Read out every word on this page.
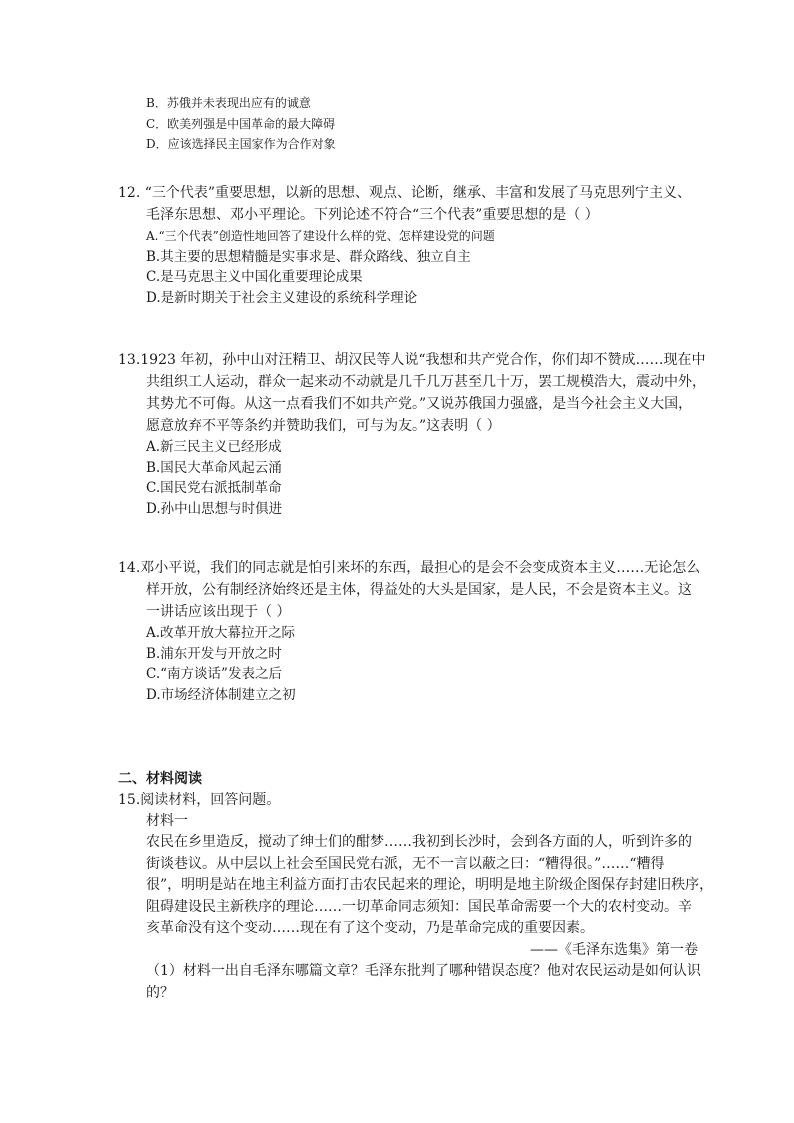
B．苏俄并未表现出应有的诚意
C．欧美列强是中国革命的最大障碍
D．应该选择民主国家作为合作对象
12. “三个代表”重要思想，以新的思想、观点、论断，继承、丰富和发展了马克思列宁主义、
毛泽东思想、邓小平理论。下列论述不符合“三个代表”重要思想的是（ ）
A.“三个代表”创造性地回答了建设什么样的党、怎样建设党的问题
B.其主要的思想精髓是实事求是、群众路线、独立自主
C.是马克思主义中国化重要理论成果
D.是新时期关于社会主义建设的系统科学理论
13.1923 年初，孙中山对汪精卫、胡汉民等人说“我想和共产党合作，你们却不赞成……现在中
共组织工人运动，群众一起来动不动就是几千几万甚至几十万，罢工规模浩大，震动中外，
其势尤不可侮。从这一点看我们不如共产党。”又说苏俄国力强盛，是当今社会主义大国，
愿意放弃不平等条约并赞助我们，可与为友。”这表明（ ）
A.新三民主义已经形成
B.国民大革命风起云涌
C.国民党右派抵制革命
D.孙中山思想与时俱进
14.邓小平说，我们的同志就是怕引来坏的东西，最担心的是会不会变成资本主义……无论怎么
样开放，公有制经济始终还是主体，得益处的大头是国家，是人民，不会是资本主义。这
一讲话应该出现于（ ）
A.改革开放大幕拉开之际
B.浦东开发与开放之时
C.“南方谈话”发表之后
D.市场经济体制建立之初
二、材料阅读
15.阅读材料，回答问题。
材料一
农民在乡里造反，搅动了绅士们的酣梦……我初到长沙时，会到各方面的人，听到许多的
街谈巷议。从中层以上社会至国民党右派，无不一言以蔽之曰：“糟得很。”……“糟得
很”，明明是站在地主利益方面打击农民起来的理论，明明是地主阶级企图保存封建旧秩序，
阻碍建设民主新秩序的理论……一切革命同志须知：国民革命需要一个大的农村变动。辛
亥革命没有这个变动……现在有了这个变动，乃是革命完成的重要因素。
——《毛泽东选集》第一卷
（1）材料一出自毛泽东哪篇文章？毛泽东批判了哪种错误态度？他对农民运动是如何认识
的？
